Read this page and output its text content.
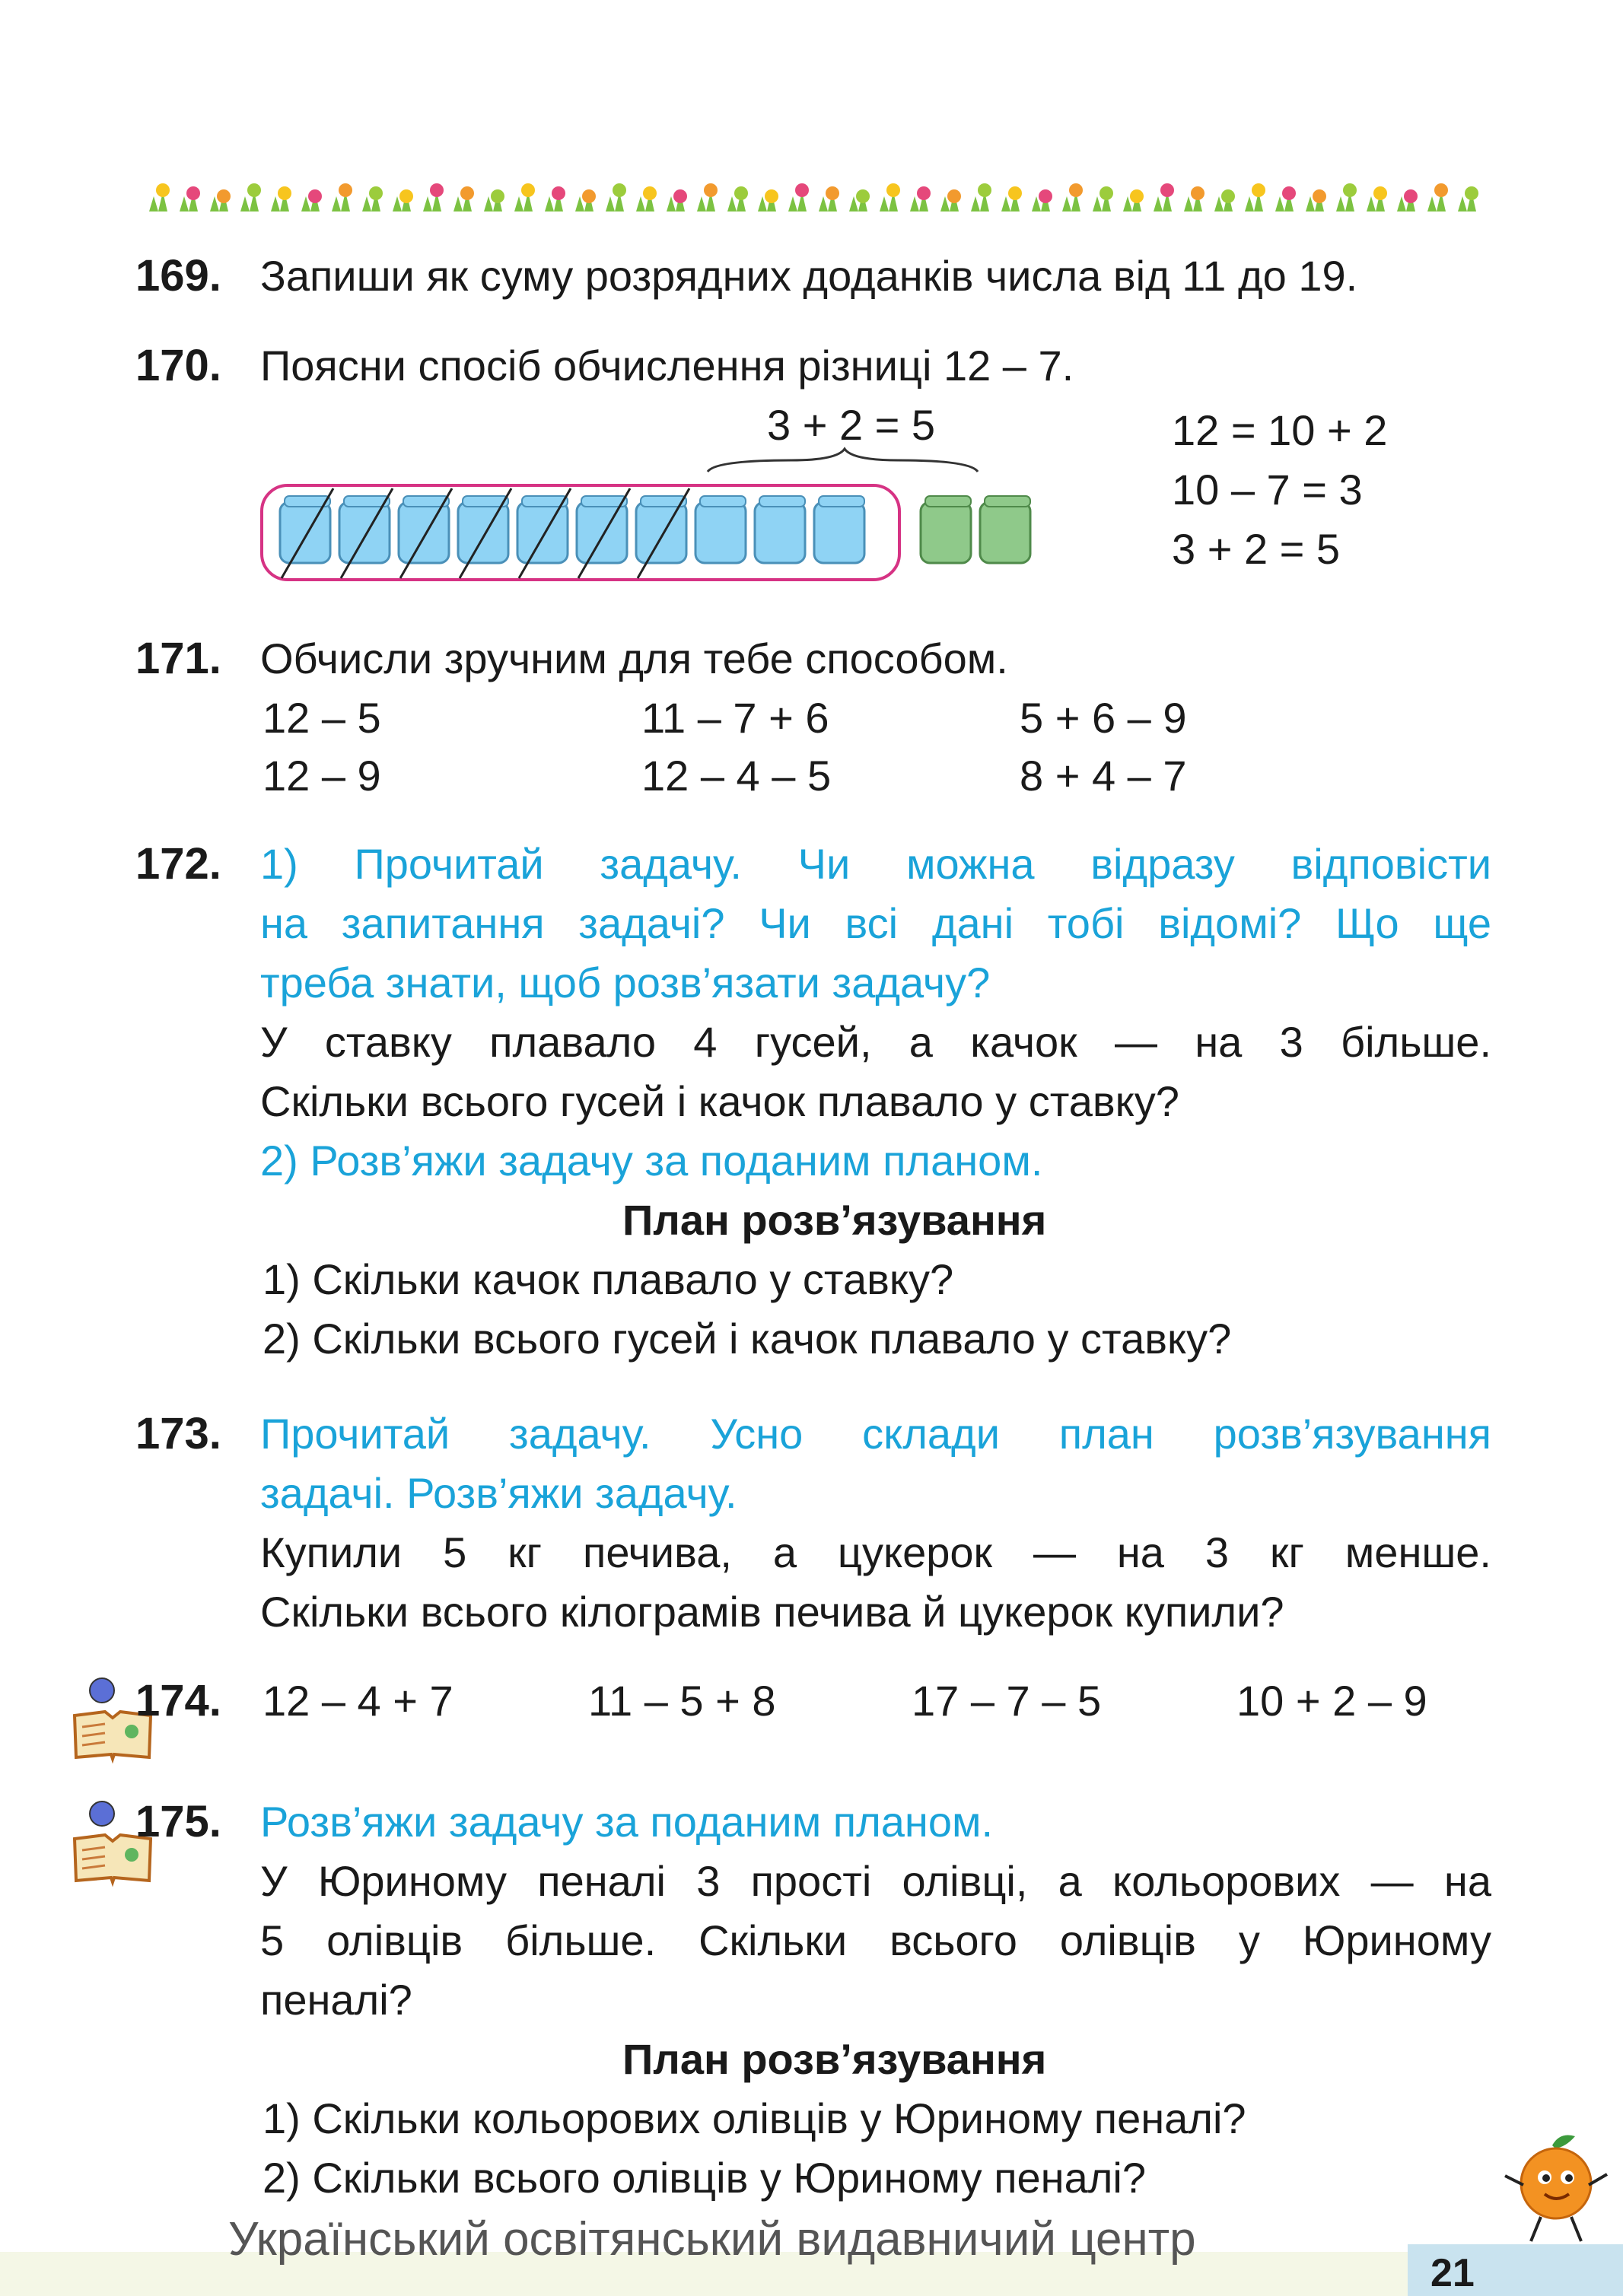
169. Запиши як суму розрядних доданків числа від 11 до 19.
170. Поясни спосіб обчислення різниці 12 – 7.
3 + 2 = 5	12 = 10 + 2
10 – 7 = 3
3 + 2 = 5
171. Обчисли зручним для тебе способом.
12 – 5	11 – 7 + 6	5 + 6 – 9
12 – 9	12 – 4 – 5	8 + 4 – 7
172. 1) Прочитай задачу. Чи можна відразу відповісти
на запитання задачі? Чи всі дані тобі відомі? Що ще
треба знати, щоб розв’язати задачу?
У ставку плавало 4 гусей, а качок — на 3 більше.
Скільки всього гусей і качок плавало у ставку?
2) Розв’яжи задачу за поданим планом.
План розв’язування
1) Скільки качок плавало у ставку?
2) Скільки всього гусей і качок плавало у ставку?
173. Прочитай задачу. Усно склади план розв’язування
задачі. Розв’яжи задачу.
Купили 5 кг печива, а цукерок — на 3 кг менше.
Скільки всього кілограмів печива й цукерок купили?
174. 12 – 4 + 7	11 – 5 + 8	17 – 7 – 5	10 + 2 – 9
175. Розв’яжи задачу за поданим планом.
У Юриному пеналі 3 прості олівці, а кольорових — на
5 олівців більше. Скільки всього олівців у Юриному
пеналі?
План розв’язування
1) Скільки кольорових олівців у Юриному пеналі?
2) Скільки всього олівців у Юриному пеналі?
Український освітянський видавничий центр
21
